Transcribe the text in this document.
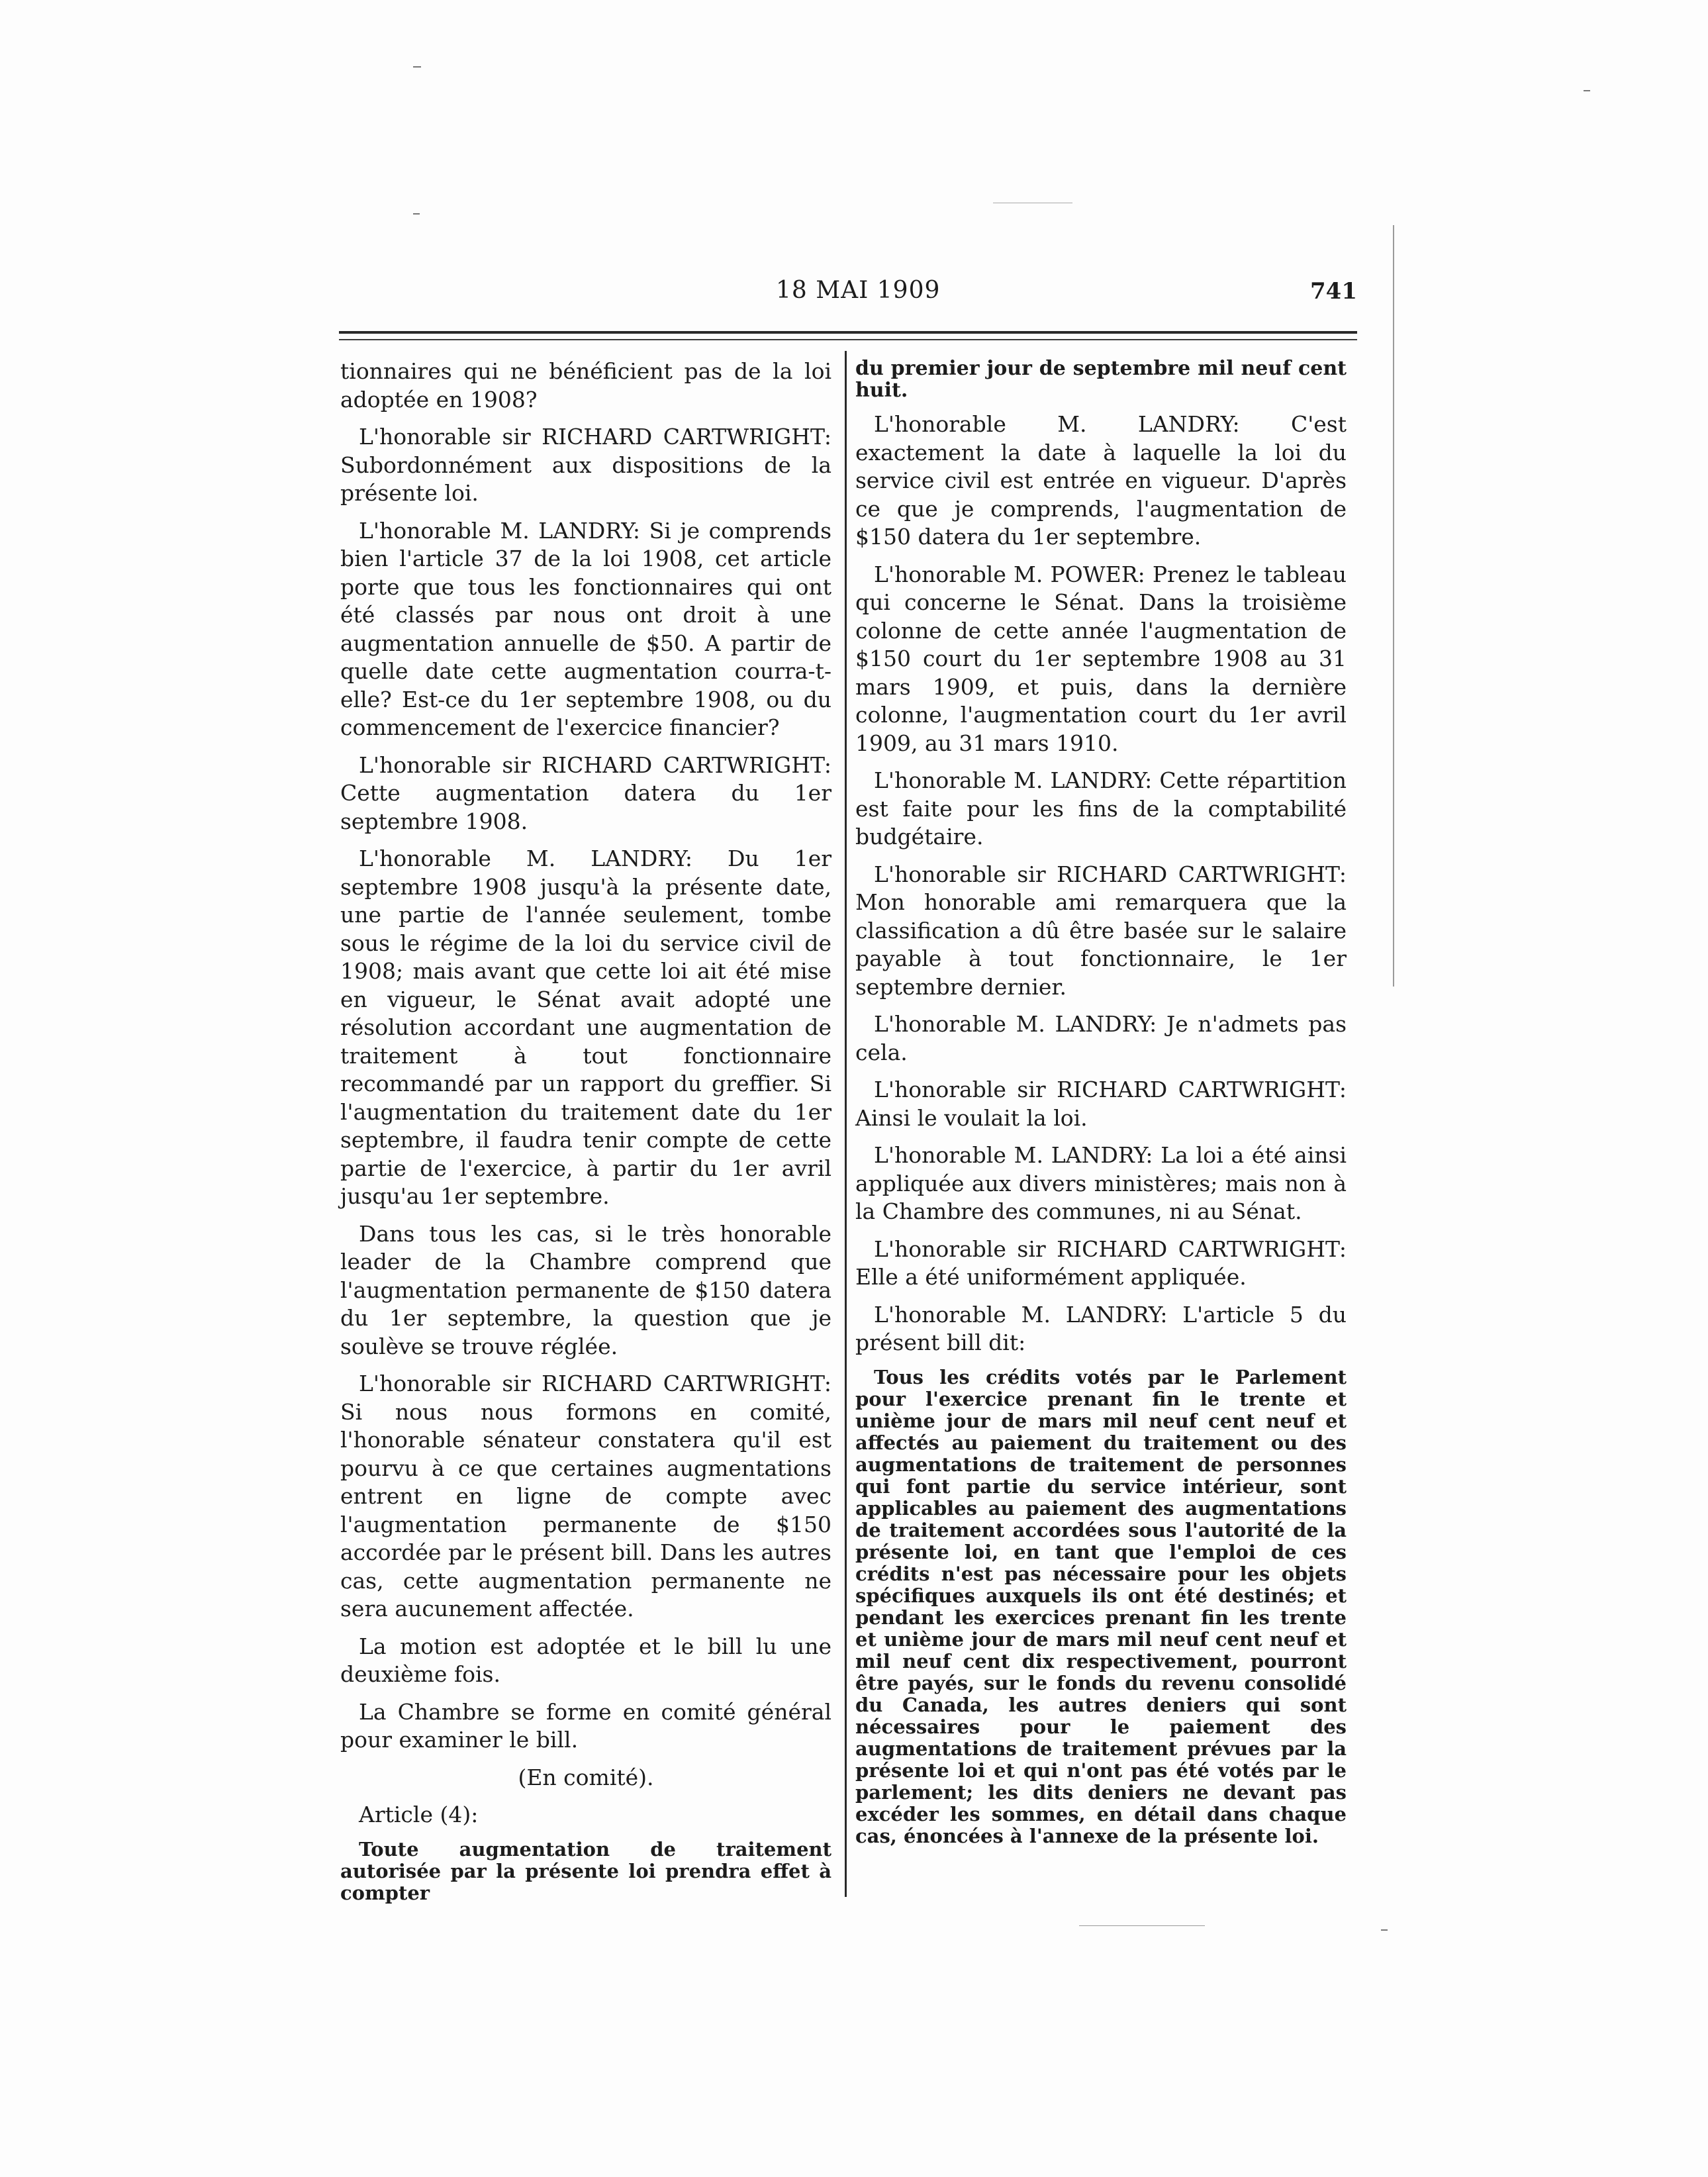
18 MAI 1909	741

tionnaires qui ne bénéficient pas de la loi adoptée en 1908?

L'honorable sir RICHARD CARTWRIGHT: Subordonnément aux dispositions de la présente loi.

L'honorable M. LANDRY: Si je comprends bien l'article 37 de la loi 1908, cet article porte que tous les fonctionnaires qui ont été classés par nous ont droit à une augmentation annuelle de $50. A partir de quelle date cette augmentation courra-t-elle? Est-ce du 1er septembre 1908, ou du commencement de l'exercice financier?

L'honorable sir RICHARD CARTWRIGHT: Cette augmentation datera du 1er septembre 1908.

L'honorable M. LANDRY: Du 1er septembre 1908 jusqu'à la présente date, une partie de l'année seulement, tombe sous le régime de la loi du service civil de 1908; mais avant que cette loi ait été mise en vigueur, le Sénat avait adopté une résolution accordant une augmentation de traitement à tout fonctionnaire recommandé par un rapport du greffier. Si l'augmentation du traitement date du 1er septembre, il faudra tenir compte de cette partie de l'exercice, à partir du 1er avril jusqu'au 1er septembre.

Dans tous les cas, si le très honorable leader de la Chambre comprend que l'augmentation permanente de $150 datera du 1er septembre, la question que je soulève se trouve réglée.

L'honorable sir RICHARD CARTWRIGHT: Si nous nous formons en comité, l'honorable sénateur constatera qu'il est pourvu à ce que certaines augmentations entrent en ligne de compte avec l'augmentation permanente de $150 accordée par le présent bill. Dans les autres cas, cette augmentation permanente ne sera aucunement affectée.

La motion est adoptée et le bill lu une deuxième fois.

La Chambre se forme en comité général pour examiner le bill.

(En comité).

Article (4):

Toute augmentation de traitement autorisée par la présente loi prendra effet à compter

du premier jour de septembre mil neuf cent huit.

L'honorable M. LANDRY: C'est exactement la date à laquelle la loi du service civil est entrée en vigueur. D'après ce que je comprends, l'augmentation de $150 datera du 1er septembre.

L'honorable M. POWER: Prenez le tableau qui concerne le Sénat. Dans la troisième colonne de cette année l'augmentation de $150 court du 1er septembre 1908 au 31 mars 1909, et puis, dans la dernière colonne, l'augmentation court du 1er avril 1909, au 31 mars 1910.

L'honorable M. LANDRY: Cette répartition est faite pour les fins de la comptabilité budgétaire.

L'honorable sir RICHARD CARTWRIGHT: Mon honorable ami remarquera que la classification a dû être basée sur le salaire payable à tout fonctionnaire, le 1er septembre dernier.

L'honorable M. LANDRY: Je n'admets pas cela.

L'honorable sir RICHARD CARTWRIGHT: Ainsi le voulait la loi.

L'honorable M. LANDRY: La loi a été ainsi appliquée aux divers ministères; mais non à la Chambre des communes, ni au Sénat.

L'honorable sir RICHARD CARTWRIGHT: Elle a été uniformément appliquée.

L'honorable M. LANDRY: L'article 5 du présent bill dit:

Tous les crédits votés par le Parlement pour l'exercice prenant fin le trente et unième jour de mars mil neuf cent neuf et affectés au paiement du traitement ou des augmentations de traitement de personnes qui font partie du service intérieur, sont applicables au paiement des augmentations de traitement accordées sous l'autorité de la présente loi, en tant que l'emploi de ces crédits n'est pas nécessaire pour les objets spécifiques auxquels ils ont été destinés; et pendant les exercices prenant fin les trente et unième jour de mars mil neuf cent neuf et mil neuf cent dix respectivement, pourront être payés, sur le fonds du revenu consolidé du Canada, les autres deniers qui sont nécessaires pour le paiement des augmentations de traitement prévues par la présente loi et qui n'ont pas été votés par le parlement; les dits deniers ne devant pas excéder les sommes, en détail dans chaque cas, énoncées à l'annexe de la présente loi.
